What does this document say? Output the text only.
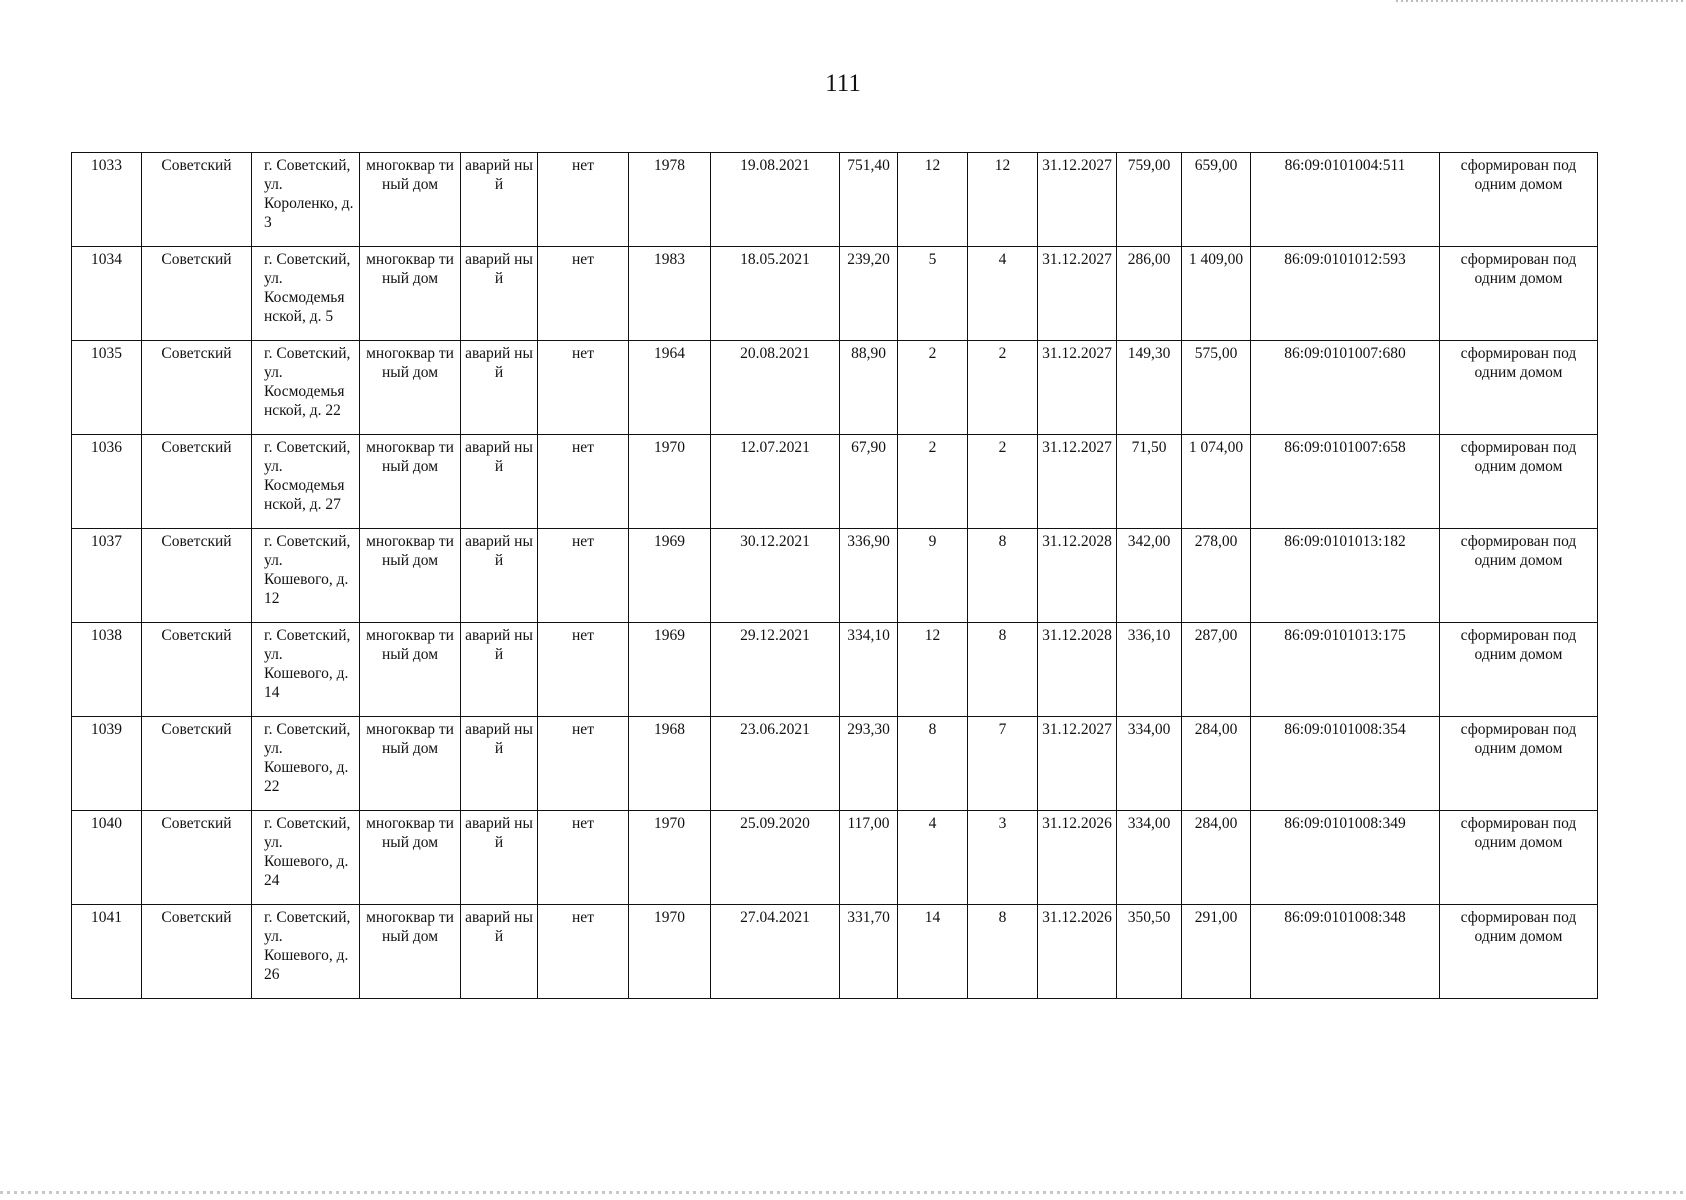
111
1033	Советский	г. Советский, ул. Короленко, д. 3	многоквар тиный дом	аварий ный	нет	1978	19.08.2021	751,40	12	12	31.12.2027	759,00	659,00	86:09:0101004:511	сформирован под одним домом
1034	Советский	г. Советский, ул. Космодемья нской, д. 5	многоквар тиный дом	аварий ный	нет	1983	18.05.2021	239,20	5	4	31.12.2027	286,00	1 409,00	86:09:0101012:593	сформирован под одним домом
1035	Советский	г. Советский, ул. Космодемья нской, д. 22	многоквар тиный дом	аварий ный	нет	1964	20.08.2021	88,90	2	2	31.12.2027	149,30	575,00	86:09:0101007:680	сформирован под одним домом
1036	Советский	г. Советский, ул. Космодемья нской, д. 27	многоквар тиный дом	аварий ный	нет	1970	12.07.2021	67,90	2	2	31.12.2027	71,50	1 074,00	86:09:0101007:658	сформирован под одним домом
1037	Советский	г. Советский, ул. Кошевого, д. 12	многоквар тиный дом	аварий ный	нет	1969	30.12.2021	336,90	9	8	31.12.2028	342,00	278,00	86:09:0101013:182	сформирован под одним домом
1038	Советский	г. Советский, ул. Кошевого, д. 14	многоквар тиный дом	аварий ный	нет	1969	29.12.2021	334,10	12	8	31.12.2028	336,10	287,00	86:09:0101013:175	сформирован под одним домом
1039	Советский	г. Советский, ул. Кошевого, д. 22	многоквар тиный дом	аварий ный	нет	1968	23.06.2021	293,30	8	7	31.12.2027	334,00	284,00	86:09:0101008:354	сформирован под одним домом
1040	Советский	г. Советский, ул. Кошевого, д. 24	многоквар тиный дом	аварий ный	нет	1970	25.09.2020	117,00	4	3	31.12.2026	334,00	284,00	86:09:0101008:349	сформирован под одним домом
1041	Советский	г. Советский, ул. Кошевого, д. 26	многоквар тиный дом	аварий ный	нет	1970	27.04.2021	331,70	14	8	31.12.2026	350,50	291,00	86:09:0101008:348	сформирован под одним домом
